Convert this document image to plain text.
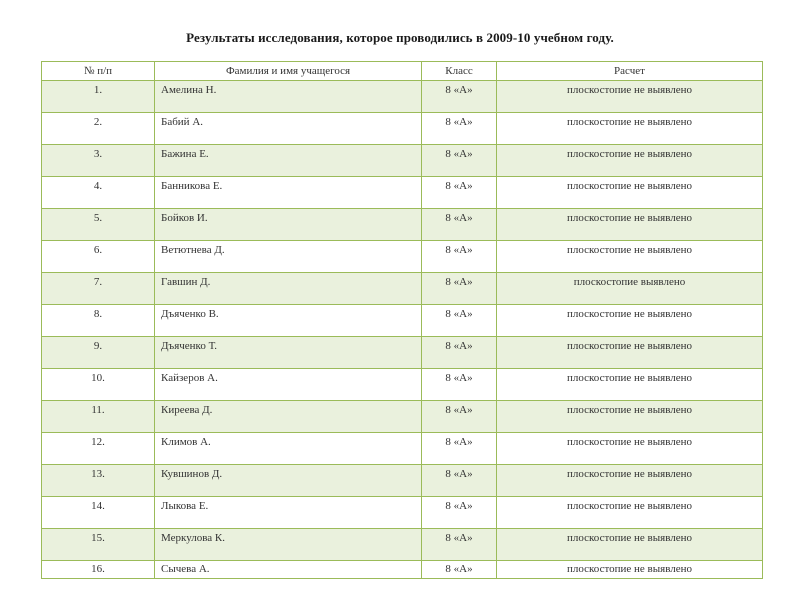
Результаты исследования, которое проводились в 2009-10 учебном году.
№ п/п	Фамилия и имя учащегося	Класс	Расчет
1.	Амелина Н.	8 «А»	плоскостопие не выявлено
2.	Бабий А.	8 «А»	плоскостопие не выявлено
3.	Бажина Е.	8 «А»	плоскостопие не выявлено
4.	Банникова Е.	8 «А»	плоскостопие не выявлено
5.	Бойков И.	8 «А»	плоскостопие не выявлено
6.	Ветютнева Д.	8 «А»	плоскостопие не выявлено
7.	Гавшин Д.	8 «А»	плоскостопие выявлено
8.	Дъяченко В.	8 «А»	плоскостопие не выявлено
9.	Дъяченко Т.	8 «А»	плоскостопие не выявлено
10.	Кайзеров А.	8 «А»	плоскостопие не выявлено
11.	Киреева Д.	8 «А»	плоскостопие не выявлено
12.	Климов А.	8 «А»	плоскостопие не выявлено
13.	Кувшинов Д.	8 «А»	плоскостопие не выявлено
14.	Лыкова Е.	8 «А»	плоскостопие не выявлено
15.	Меркулова К.	8 «А»	плоскостопие не выявлено
16.	Сычева А.	8 «А»	плоскостопие не выявлено
